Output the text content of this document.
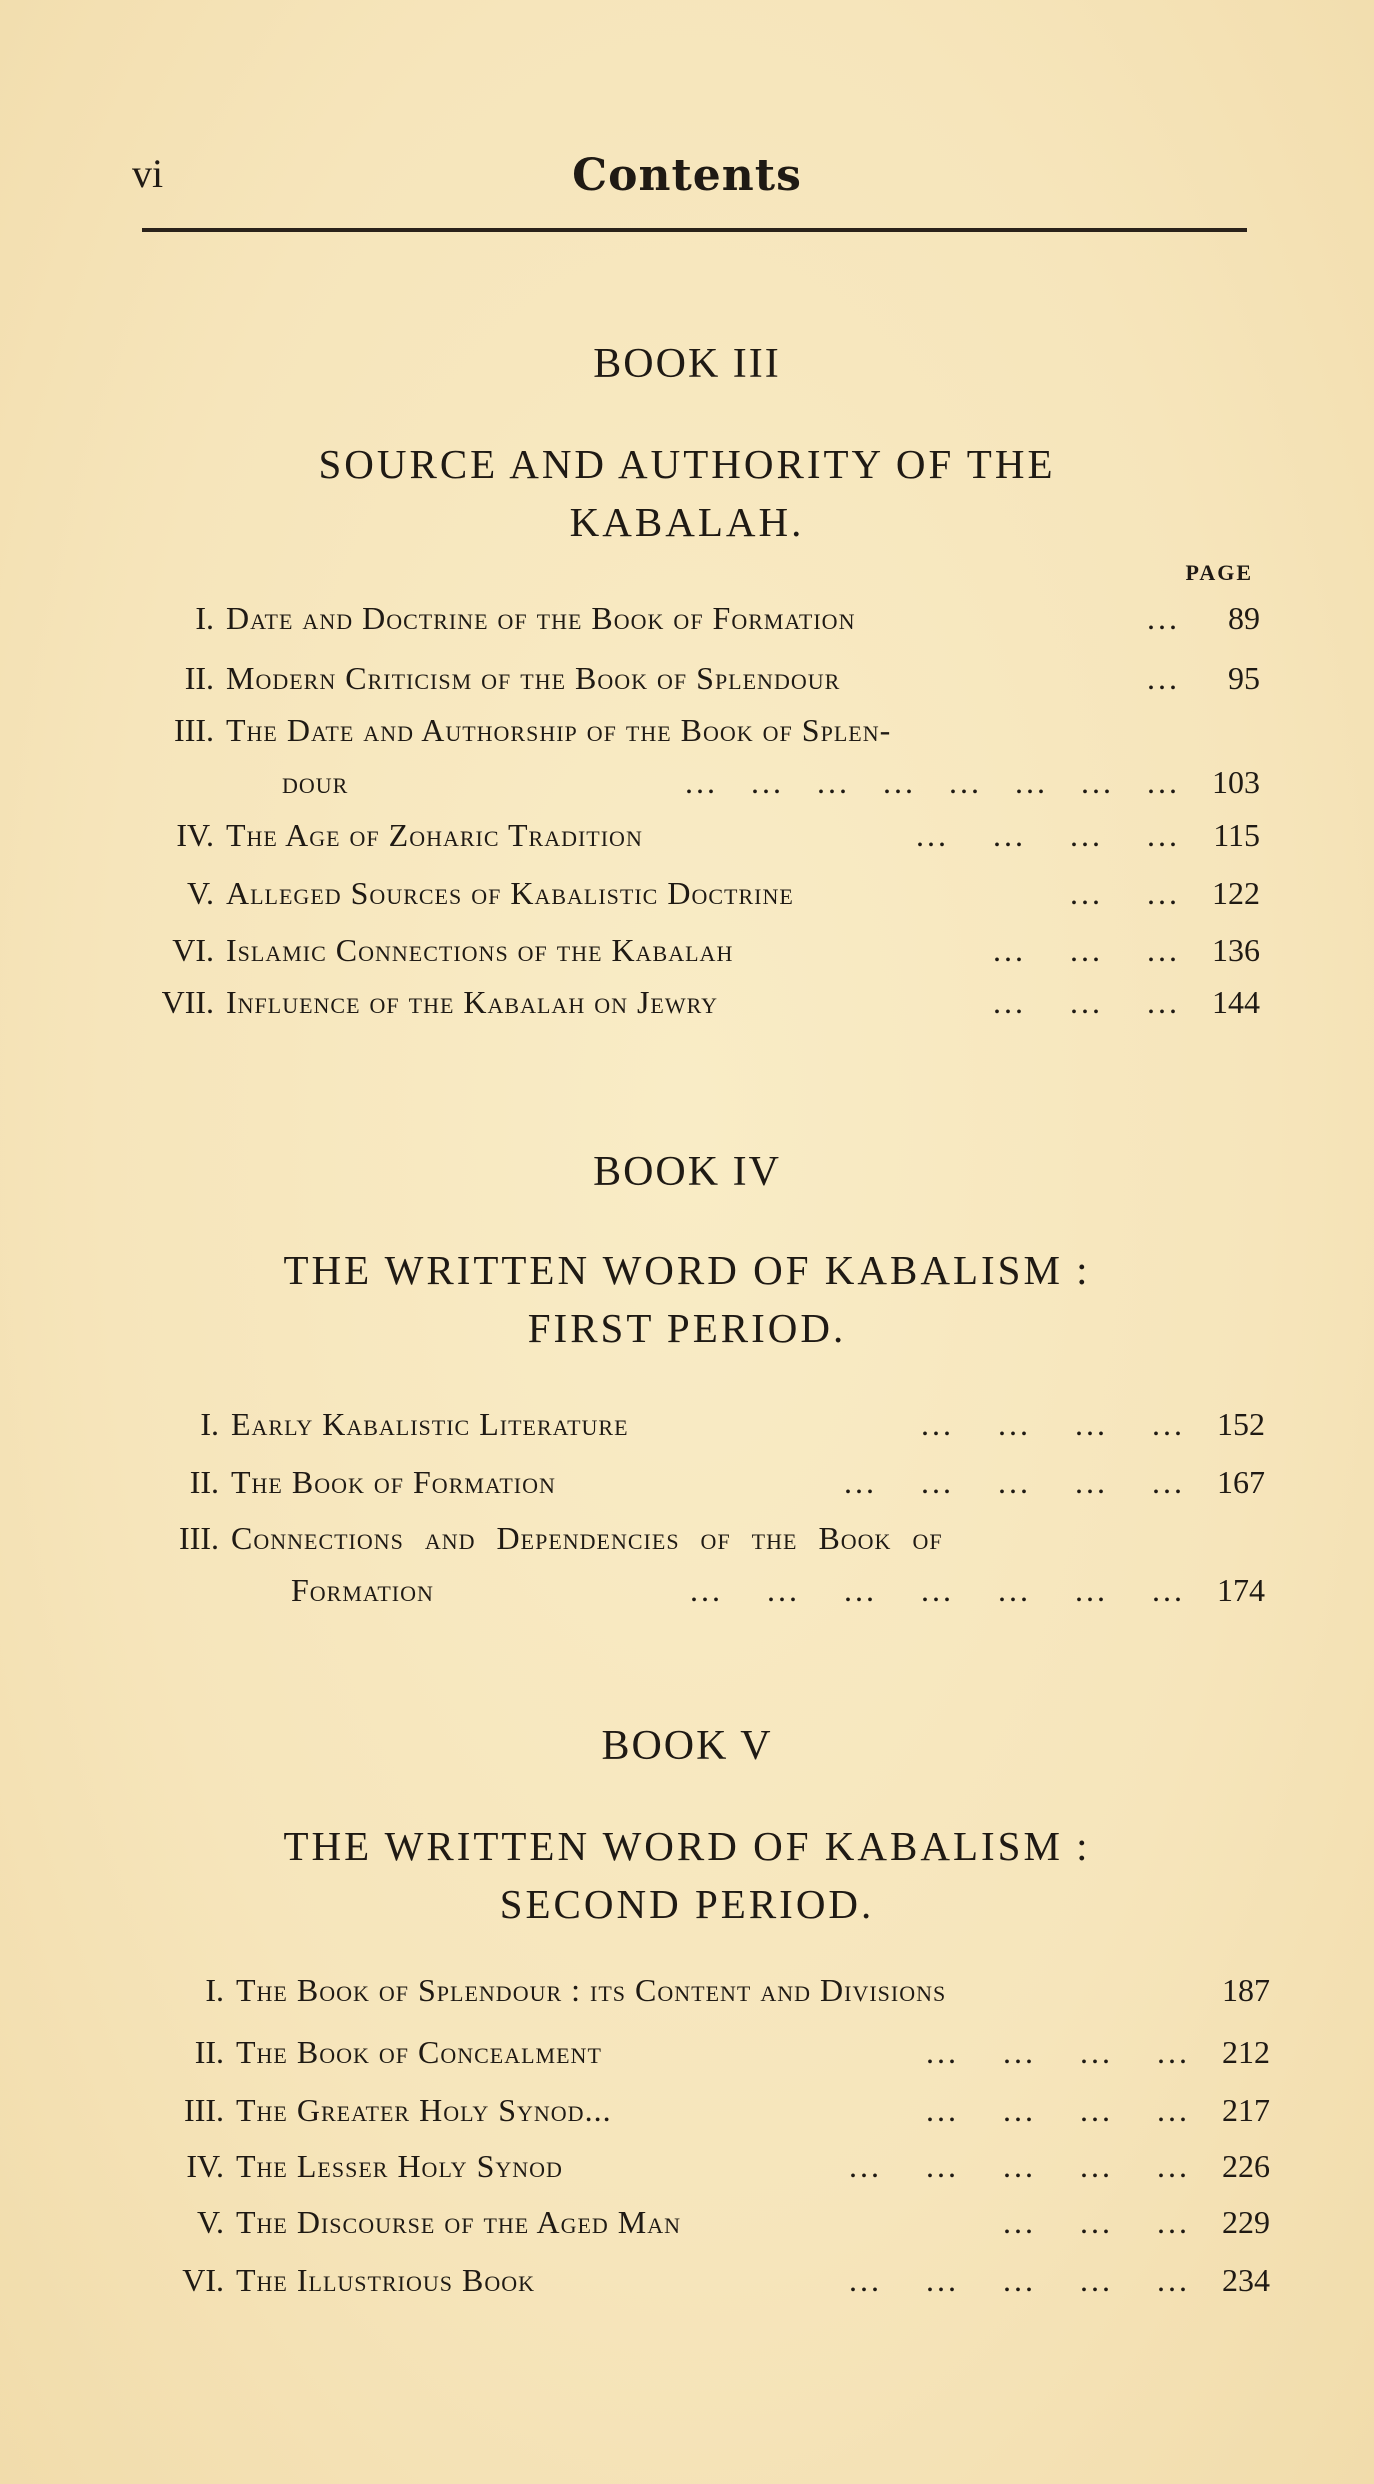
vi	Contents
BOOK III
SOURCE AND AUTHORITY OF THE
KABALAH.
PAGE
I. Date and Doctrine of the Book of Formation	...	89
II. Modern Criticism of the Book of Splendour	...	95
III. The Date and Authorship of the Book of Splen-
dour	...   ...   ...   ...   ...   ...   ...   ...	103
IV. The Age of Zoharic Tradition	...    ...    ...    ...	115
V. Alleged Sources of Kabalistic Doctrine	...    ...	122
VI. Islamic Connections of the Kabalah	...    ...    ...	136
VII. Influence of the Kabalah on Jewry	...    ...    ...	144
BOOK IV
THE WRITTEN WORD OF KABALISM :
FIRST PERIOD.
I. Early Kabalistic Literature	...    ...    ...    ...	152
II. The Book of Formation	...    ...    ...    ...    ...	167
III. Connections and Dependencies of the Book of
Formation	...    ...    ...    ...    ...    ...    ...	174
BOOK V
THE WRITTEN WORD OF KABALISM :
SECOND PERIOD.
I. The Book of Splendour : its Content and Divisions	187
II. The Book of Concealment	...    ...    ...    ...	212
III. The Greater Holy Synod...	...    ...    ...    ...	217
IV. The Lesser Holy Synod	...    ...    ...    ...    ...	226
V. The Discourse of the Aged Man	...    ...    ...	229
VI. The Illustrious Book	...    ...    ...    ...    ...	234
